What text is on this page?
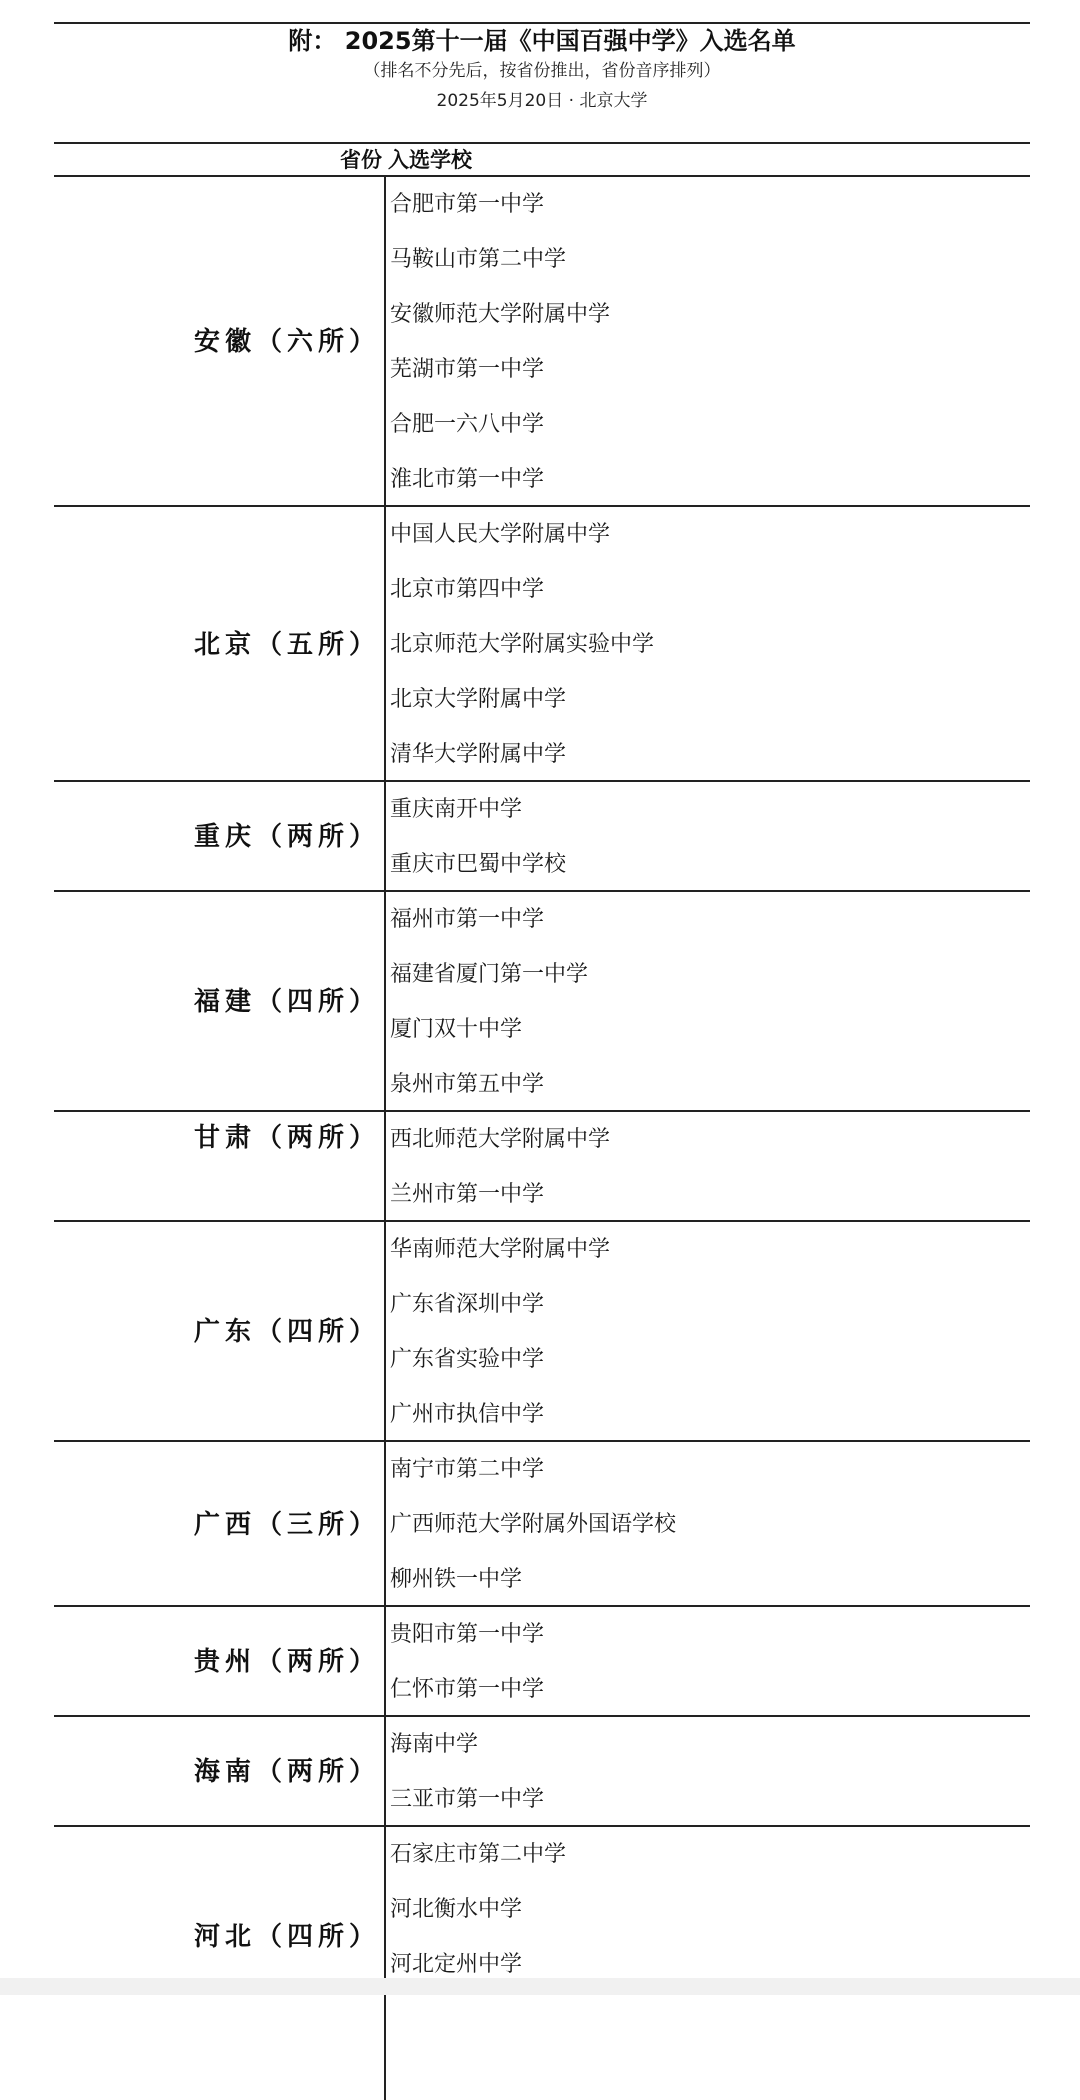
附： 2025第十一届《中国百强中学》入选名单
（排名不分先后，按省份推出，省份音序排列）
2025年5月20日 · 北京大学
省份 入选学校
安徽（六所）
合肥市第一中学
马鞍山市第二中学
安徽师范大学附属中学
芜湖市第一中学
合肥一六八中学
淮北市第一中学
北京（五所）
中国人民大学附属中学
北京市第四中学
北京师范大学附属实验中学
北京大学附属中学
清华大学附属中学
重庆（两所）
重庆南开中学
重庆市巴蜀中学校
福建（四所）
福州市第一中学
福建省厦门第一中学
厦门双十中学
泉州市第五中学
甘肃（两所） 西北师范大学附属中学
兰州市第一中学
广东（四所）
华南师范大学附属中学
广东省深圳中学
广东省实验中学
广州市执信中学
广西（三所）
南宁市第二中学
广西师范大学附属外国语学校
柳州铁一中学
贵州（两所）
贵阳市第一中学
仁怀市第一中学
海南（两所）
海南中学
三亚市第一中学
河北（四所）
石家庄市第二中学
河北衡水中学
河北定州中学
